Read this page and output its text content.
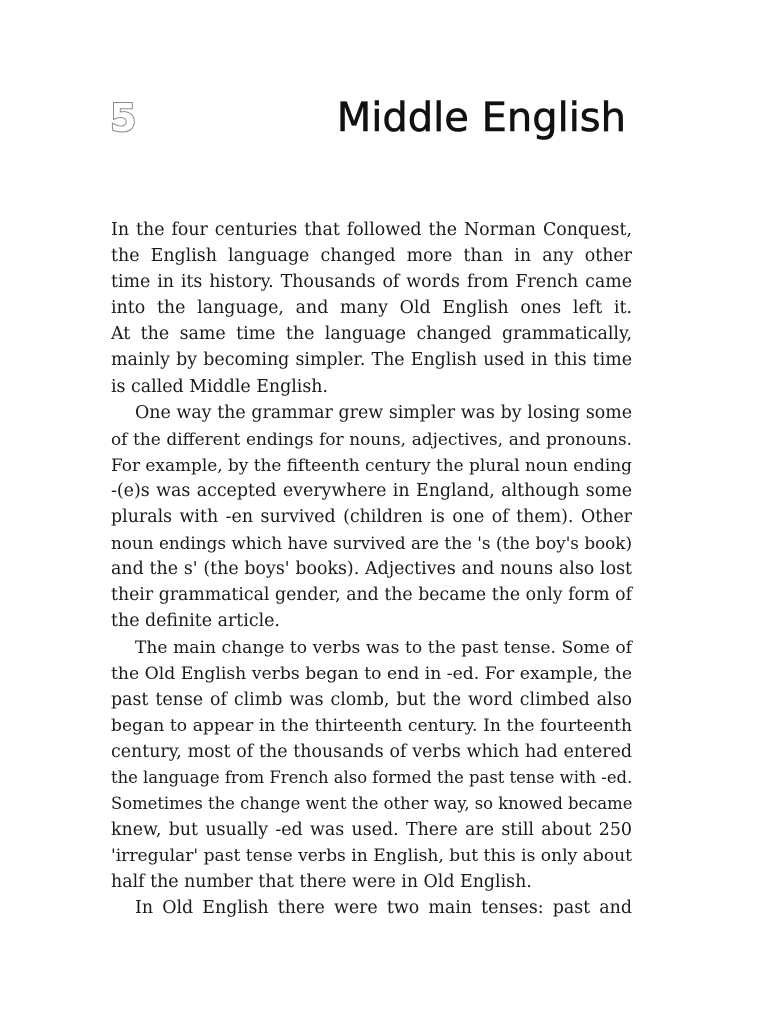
5	Middle English
In the four centuries that followed the Norman Conquest,
the English language changed more than in any other
time in its history. Thousands of words from French came
into the language, and many Old English ones left it.
At the same time the language changed grammatically,
mainly by becoming simpler. The English used in this time
is called Middle English.
One way the grammar grew simpler was by losing some
of the different endings for nouns, adjectives, and pronouns.
For example, by the fifteenth century the plural noun ending
-(e)s was accepted everywhere in England, although some
plurals with -en survived (children is one of them). Other
noun endings which have survived are the 's (the boy's book)
and the s' (the boys' books). Adjectives and nouns also lost
their grammatical gender, and the became the only form of
the definite article.
The main change to verbs was to the past tense. Some of
the Old English verbs began to end in -ed. For example, the
past tense of climb was clomb, but the word climbed also
began to appear in the thirteenth century. In the fourteenth
century, most of the thousands of verbs which had entered
the language from French also formed the past tense with -ed.
Sometimes the change went the other way, so knowed became
knew, but usually -ed was used. There are still about 250
'irregular' past tense verbs in English, but this is only about
half the number that there were in Old English.
In Old English there were two main tenses: past and
